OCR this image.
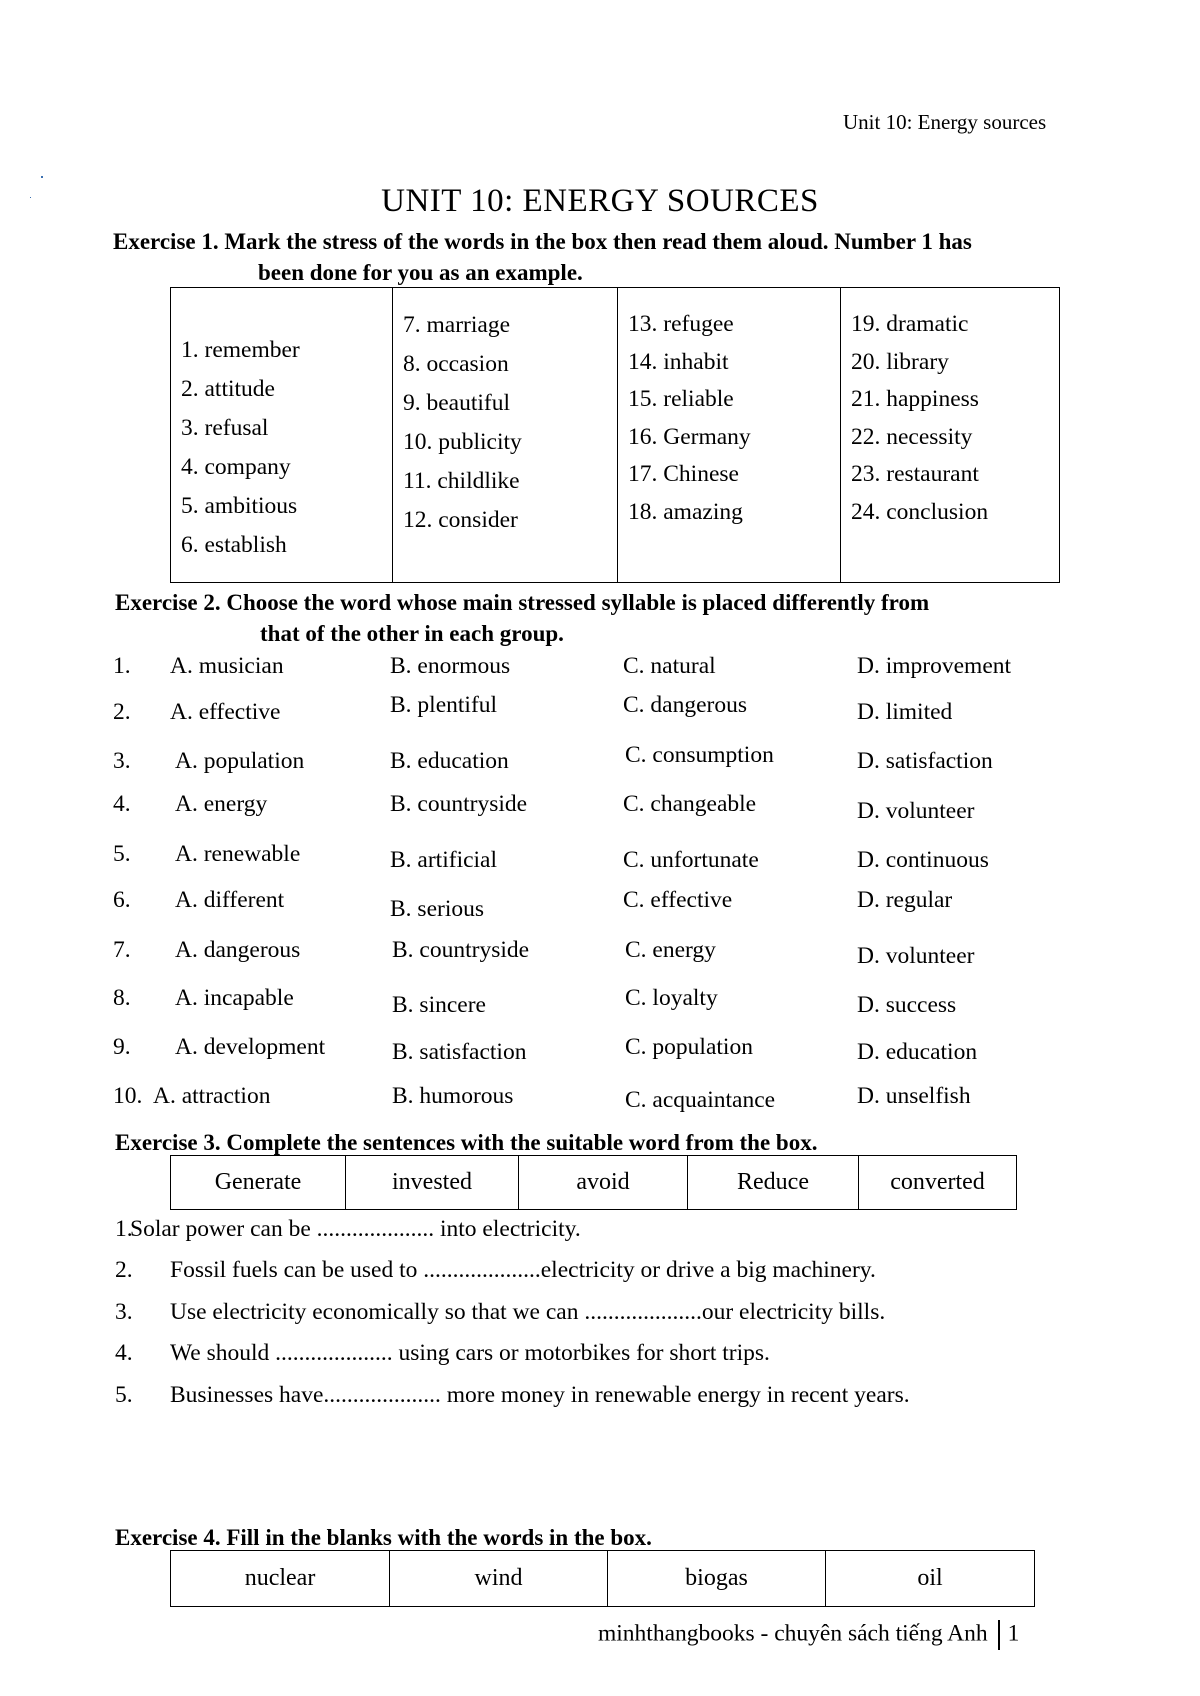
Unit 10: Energy sources
UNIT 10: ENERGY SOURCES
Exercise 1. Mark the stress of the words in the box then read them aloud. Number 1 has
been done for you as an example.
1. remember
2. attitude
3. refusal
4. company
5. ambitious
6. establish

7. marriage
8. occasion
9. beautiful
10. publicity
11. childlike
12. consider

13. refugee
14. inhabit
15. reliable
16. Germany
17. Chinese
18. amazing

19. dramatic
20. library
21. happiness
22. necessity
23. restaurant
24. conclusion
Exercise 2. Choose the word whose main stressed syllable is placed differently from
that of the other in each group.
1. A. musician	B. enormous	C. natural	D. improvement
2. A. effective	B. plentiful	C. dangerous	D. limited
3. A. population	B. education	C. consumption	D. satisfaction
4. A. energy	B. countryside	C. changeable	D. volunteer
5. A. renewable	B. artificial	C. unfortunate	D. continuous
6. A. different	B. serious	C. effective	D. regular
7. A. dangerous	B. countryside	C. energy	D. volunteer
8. A. incapable	B. sincere	C. loyalty	D. success
9. A. development	B. satisfaction	C. population	D. education
10. A. attraction	B. humorous	C. acquaintance	D. unselfish
Exercise 3. Complete the sentences with the suitable word from the box.
Generate	invested	avoid	Reduce	converted
1.Solar power can be .................... into electricity.
2. Fossil fuels can be used to ....................electricity or drive a big machinery.
3. Use electricity economically so that we can ....................our electricity bills.
4. We should .................... using cars or motorbikes for short trips.
5. Businesses have.................... more money in renewable energy in recent years.
Exercise 4. Fill in the blanks with the words in the box.
nuclear	wind	biogas	oil
minhthangbooks - chuyên sách tiếng Anh 1
